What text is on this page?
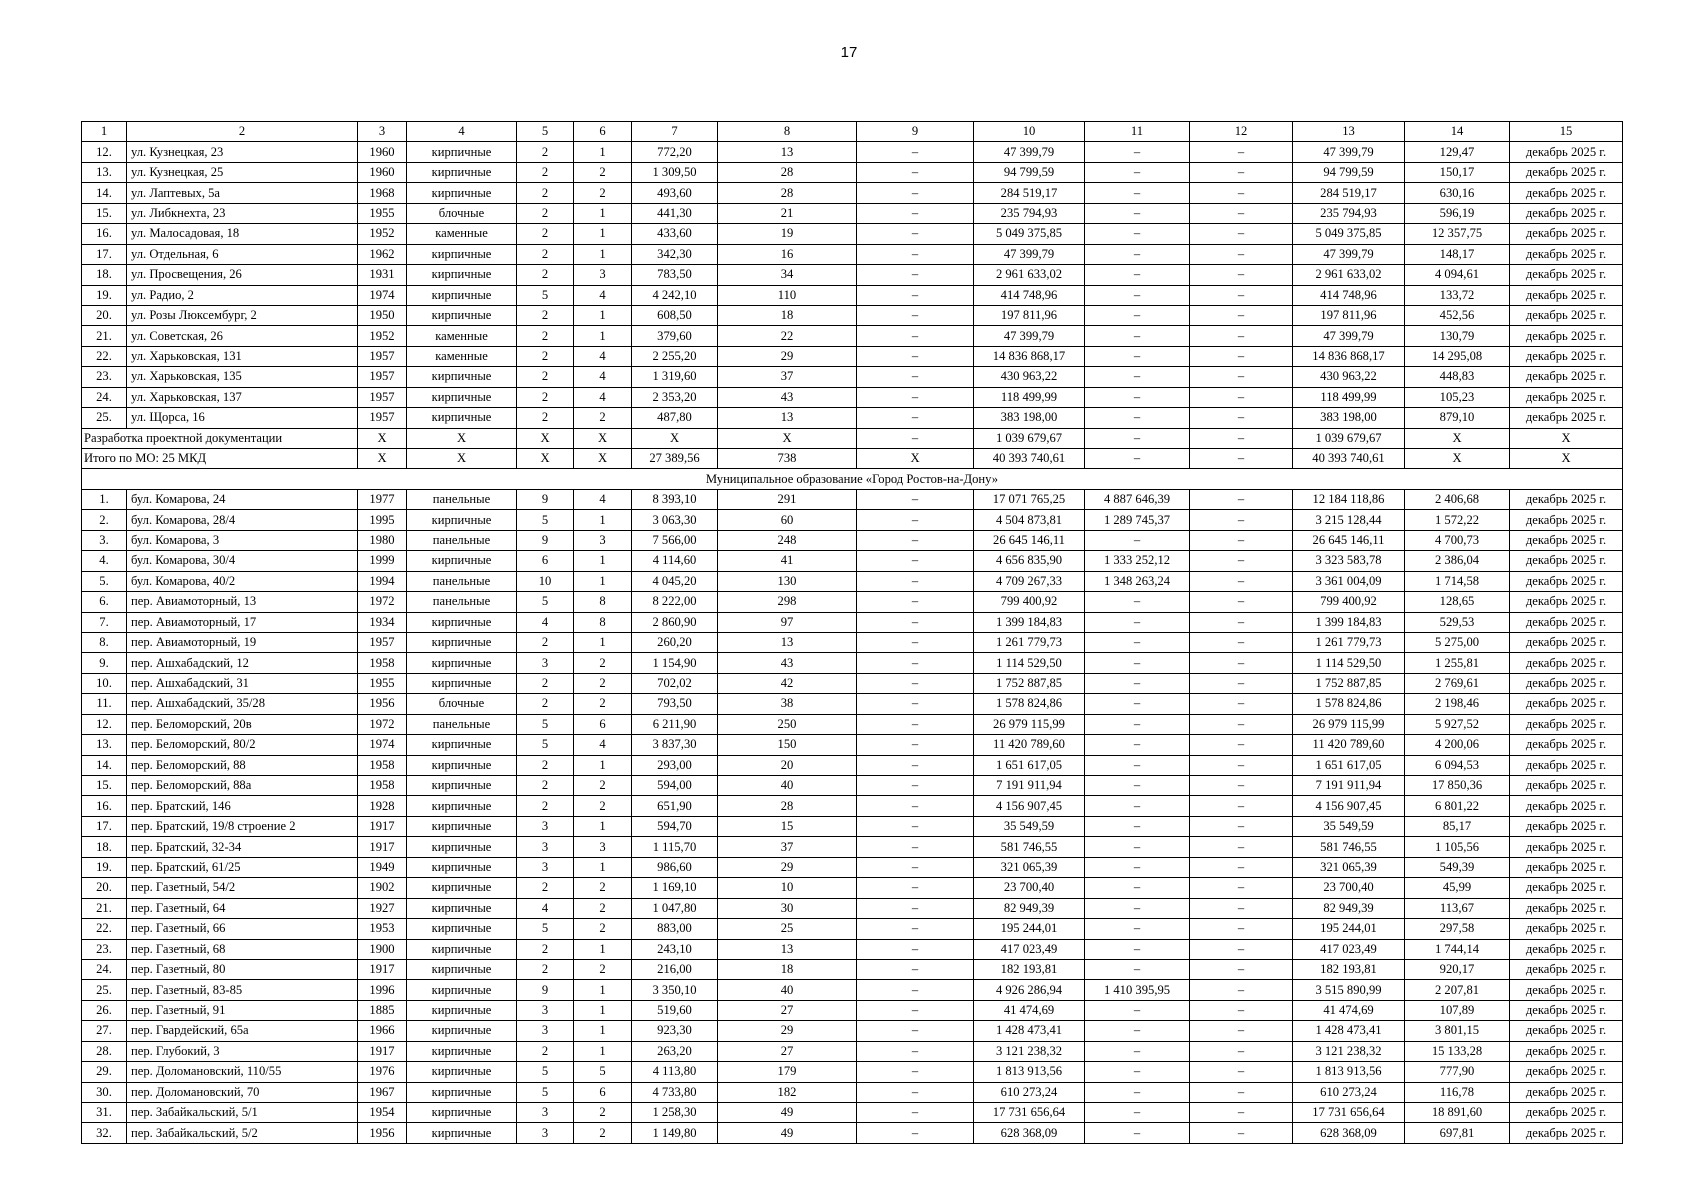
17
1	2	3	4	5	6	7	8	9	10	11	12	13	14	15
12.	ул. Кузнецкая, 23	1960	кирпичные	2	1	772,20	13	–	47 399,79	–	–	47 399,79	129,47	декабрь 2025 г.
13.	ул. Кузнецкая, 25	1960	кирпичные	2	2	1 309,50	28	–	94 799,59	–	–	94 799,59	150,17	декабрь 2025 г.
14.	ул. Лаптевых, 5а	1968	кирпичные	2	2	493,60	28	–	284 519,17	–	–	284 519,17	630,16	декабрь 2025 г.
15.	ул. Либкнехта, 23	1955	блочные	2	1	441,30	21	–	235 794,93	–	–	235 794,93	596,19	декабрь 2025 г.
16.	ул. Малосадовая, 18	1952	каменные	2	1	433,60	19	–	5 049 375,85	–	–	5 049 375,85	12 357,75	декабрь 2025 г.
17.	ул. Отдельная, 6	1962	кирпичные	2	1	342,30	16	–	47 399,79	–	–	47 399,79	148,17	декабрь 2025 г.
18.	ул. Просвещения, 26	1931	кирпичные	2	3	783,50	34	–	2 961 633,02	–	–	2 961 633,02	4 094,61	декабрь 2025 г.
19.	ул. Радио, 2	1974	кирпичные	5	4	4 242,10	110	–	414 748,96	–	–	414 748,96	133,72	декабрь 2025 г.
20.	ул. Розы Люксембург, 2	1950	кирпичные	2	1	608,50	18	–	197 811,96	–	–	197 811,96	452,56	декабрь 2025 г.
21.	ул. Советская, 26	1952	каменные	2	1	379,60	22	–	47 399,79	–	–	47 399,79	130,79	декабрь 2025 г.
22.	ул. Харьковская, 131	1957	каменные	2	4	2 255,20	29	–	14 836 868,17	–	–	14 836 868,17	14 295,08	декабрь 2025 г.
23.	ул. Харьковская, 135	1957	кирпичные	2	4	1 319,60	37	–	430 963,22	–	–	430 963,22	448,83	декабрь 2025 г.
24.	ул. Харьковская, 137	1957	кирпичные	2	4	2 353,20	43	–	118 499,99	–	–	118 499,99	105,23	декабрь 2025 г.
25.	ул. Щорса, 16	1957	кирпичные	2	2	487,80	13	–	383 198,00	–	–	383 198,00	879,10	декабрь 2025 г.
Разработка проектной документации		X	X	X	X	X	X	–	1 039 679,67	–	–	1 039 679,67	X	X
Итого по МО: 25 МКД		X	X	X	X	27 389,56	738	X	40 393 740,61	–	–	40 393 740,61	X	X
Муниципальное образование «Город Ростов-на-Дону»														
1.	бул. Комарова, 24	1977	панельные	9	4	8 393,10	291	–	17 071 765,25	4 887 646,39	–	12 184 118,86	2 406,68	декабрь 2025 г.
2.	бул. Комарова, 28/4	1995	кирпичные	5	1	3 063,30	60	–	4 504 873,81	1 289 745,37	–	3 215 128,44	1 572,22	декабрь 2025 г.
3.	бул. Комарова, 3	1980	панельные	9	3	7 566,00	248	–	26 645 146,11	–	–	26 645 146,11	4 700,73	декабрь 2025 г.
4.	бул. Комарова, 30/4	1999	кирпичные	6	1	4 114,60	41	–	4 656 835,90	1 333 252,12	–	3 323 583,78	2 386,04	декабрь 2025 г.
5.	бул. Комарова, 40/2	1994	панельные	10	1	4 045,20	130	–	4 709 267,33	1 348 263,24	–	3 361 004,09	1 714,58	декабрь 2025 г.
6.	пер. Авиамоторный, 13	1972	панельные	5	8	8 222,00	298	–	799 400,92	–	–	799 400,92	128,65	декабрь 2025 г.
7.	пер. Авиамоторный, 17	1934	кирпичные	4	8	2 860,90	97	–	1 399 184,83	–	–	1 399 184,83	529,53	декабрь 2025 г.
8.	пер. Авиамоторный, 19	1957	кирпичные	2	1	260,20	13	–	1 261 779,73	–	–	1 261 779,73	5 275,00	декабрь 2025 г.
9.	пер. Ашхабадский, 12	1958	кирпичные	3	2	1 154,90	43	–	1 114 529,50	–	–	1 114 529,50	1 255,81	декабрь 2025 г.
10.	пер. Ашхабадский, 31	1955	кирпичные	2	2	702,02	42	–	1 752 887,85	–	–	1 752 887,85	2 769,61	декабрь 2025 г.
11.	пер. Ашхабадский, 35/28	1956	блочные	2	2	793,50	38	–	1 578 824,86	–	–	1 578 824,86	2 198,46	декабрь 2025 г.
12.	пер. Беломорский, 20в	1972	панельные	5	6	6 211,90	250	–	26 979 115,99	–	–	26 979 115,99	5 927,52	декабрь 2025 г.
13.	пер. Беломорский, 80/2	1974	кирпичные	5	4	3 837,30	150	–	11 420 789,60	–	–	11 420 789,60	4 200,06	декабрь 2025 г.
14.	пер. Беломорский, 88	1958	кирпичные	2	1	293,00	20	–	1 651 617,05	–	–	1 651 617,05	6 094,53	декабрь 2025 г.
15.	пер. Беломорский, 88а	1958	кирпичные	2	2	594,00	40	–	7 191 911,94	–	–	7 191 911,94	17 850,36	декабрь 2025 г.
16.	пер. Братский, 146	1928	кирпичные	2	2	651,90	28	–	4 156 907,45	–	–	4 156 907,45	6 801,22	декабрь 2025 г.
17.	пер. Братский, 19/8 строение 2	1917	кирпичные	3	1	594,70	15	–	35 549,59	–	–	35 549,59	85,17	декабрь 2025 г.
18.	пер. Братский, 32-34	1917	кирпичные	3	3	1 115,70	37	–	581 746,55	–	–	581 746,55	1 105,56	декабрь 2025 г.
19.	пер. Братский, 61/25	1949	кирпичные	3	1	986,60	29	–	321 065,39	–	–	321 065,39	549,39	декабрь 2025 г.
20.	пер. Газетный, 54/2	1902	кирпичные	2	2	1 169,10	10	–	23 700,40	–	–	23 700,40	45,99	декабрь 2025 г.
21.	пер. Газетный, 64	1927	кирпичные	4	2	1 047,80	30	–	82 949,39	–	–	82 949,39	113,67	декабрь 2025 г.
22.	пер. Газетный, 66	1953	кирпичные	5	2	883,00	25	–	195 244,01	–	–	195 244,01	297,58	декабрь 2025 г.
23.	пер. Газетный, 68	1900	кирпичные	2	1	243,10	13	–	417 023,49	–	–	417 023,49	1 744,14	декабрь 2025 г.
24.	пер. Газетный, 80	1917	кирпичные	2	2	216,00	18	–	182 193,81	–	–	182 193,81	920,17	декабрь 2025 г.
25.	пер. Газетный, 83-85	1996	кирпичные	9	1	3 350,10	40	–	4 926 286,94	1 410 395,95	–	3 515 890,99	2 207,81	декабрь 2025 г.
26.	пер. Газетный, 91	1885	кирпичные	3	1	519,60	27	–	41 474,69	–	–	41 474,69	107,89	декабрь 2025 г.
27.	пер. Гвардейский, 65а	1966	кирпичные	3	1	923,30	29	–	1 428 473,41	–	–	1 428 473,41	3 801,15	декабрь 2025 г.
28.	пер. Глубокий, 3	1917	кирпичные	2	1	263,20	27	–	3 121 238,32	–	–	3 121 238,32	15 133,28	декабрь 2025 г.
29.	пер. Доломановский, 110/55	1976	кирпичные	5	5	4 113,80	179	–	1 813 913,56	–	–	1 813 913,56	777,90	декабрь 2025 г.
30.	пер. Доломановский, 70	1967	кирпичные	5	6	4 733,80	182	–	610 273,24	–	–	610 273,24	116,78	декабрь 2025 г.
31.	пер. Забайкальский, 5/1	1954	кирпичные	3	2	1 258,30	49	–	17 731 656,64	–	–	17 731 656,64	18 891,60	декабрь 2025 г.
32.	пер. Забайкальский, 5/2	1956	кирпичные	3	2	1 149,80	49	–	628 368,09	–	–	628 368,09	697,81	декабрь 2025 г.
